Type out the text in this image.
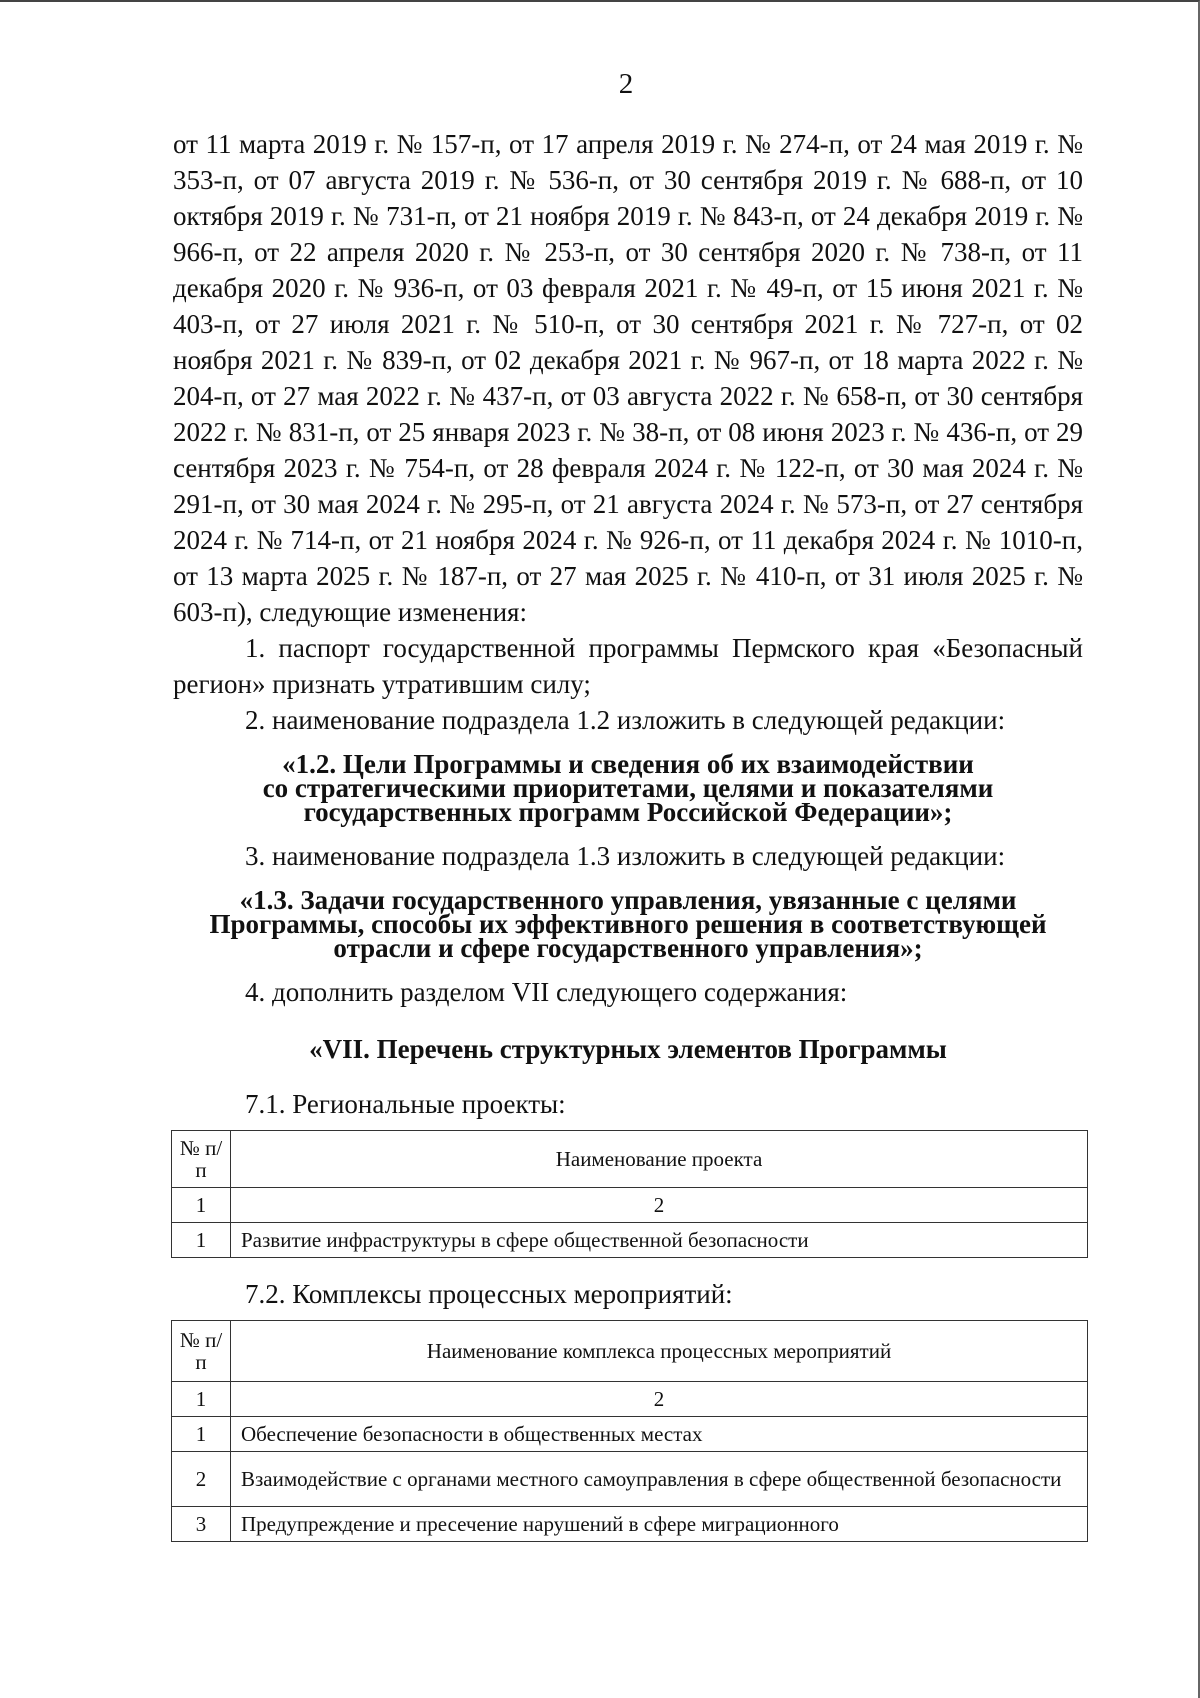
2

от 11 марта 2019 г. № 157-п, от 17 апреля 2019 г. № 274-п, от 24 мая 2019 г. № 353-п, от 07 августа 2019 г. № 536-п, от 30 сентября 2019 г. № 688-п, от 10 октября 2019 г. № 731-п, от 21 ноября 2019 г. № 843-п, от 24 декабря 2019 г. № 966-п, от 22 апреля 2020 г. № 253-п, от 30 сентября 2020 г. № 738-п, от 11 декабря 2020 г. № 936-п, от 03 февраля 2021 г. № 49-п, от 15 июня 2021 г. № 403-п, от 27 июля 2021 г. № 510-п, от 30 сентября 2021 г. № 727-п, от 02 ноября 2021 г. № 839-п, от 02 декабря 2021 г. № 967-п, от 18 марта 2022 г. № 204-п, от 27 мая 2022 г. № 437-п, от 03 августа 2022 г. № 658-п, от 30 сентября 2022 г. № 831-п, от 25 января 2023 г. № 38-п, от 08 июня 2023 г. № 436-п, от 29 сентября 2023 г. № 754-п, от 28 февраля 2024 г. № 122-п, от 30 мая 2024 г. № 291-п, от 30 мая 2024 г. № 295-п, от 21 августа 2024 г. № 573-п, от 27 сентября 2024 г. № 714-п, от 21 ноября 2024 г. № 926-п, от 11 декабря 2024 г. № 1010-п, от 13 марта 2025 г. № 187-п, от 27 мая 2025 г. № 410-п, от 31 июля 2025 г. № 603-п), следующие изменения:

1. паспорт государственной программы Пермского края «Безопасный регион» признать утратившим силу;

2. наименование подраздела 1.2 изложить в следующей редакции:

«1.2. Цели Программы и сведения об их взаимодействии
со стратегическими приоритетами, целями и показателями
государственных программ Российской Федерации»;

3. наименование подраздела 1.3 изложить в следующей редакции:

«1.3. Задачи государственного управления, увязанные с целями
Программы, способы их эффективного решения в соответствующей
отрасли и сфере государственного управления»;

4. дополнить разделом VII следующего содержания:

«VII. Перечень структурных элементов Программы

7.1. Региональные проекты:

№ п/п	Наименование проекта
1	2
1	Развитие инфраструктуры в сфере общественной безопасности

7.2. Комплексы процессных мероприятий:

№ п/п	Наименование комплекса процессных мероприятий
1	2
1	Обеспечение безопасности в общественных местах
2	Взаимодействие с органами местного самоуправления в сфере общественной безопасности
3	Предупреждение и пресечение нарушений в сфере миграционного
